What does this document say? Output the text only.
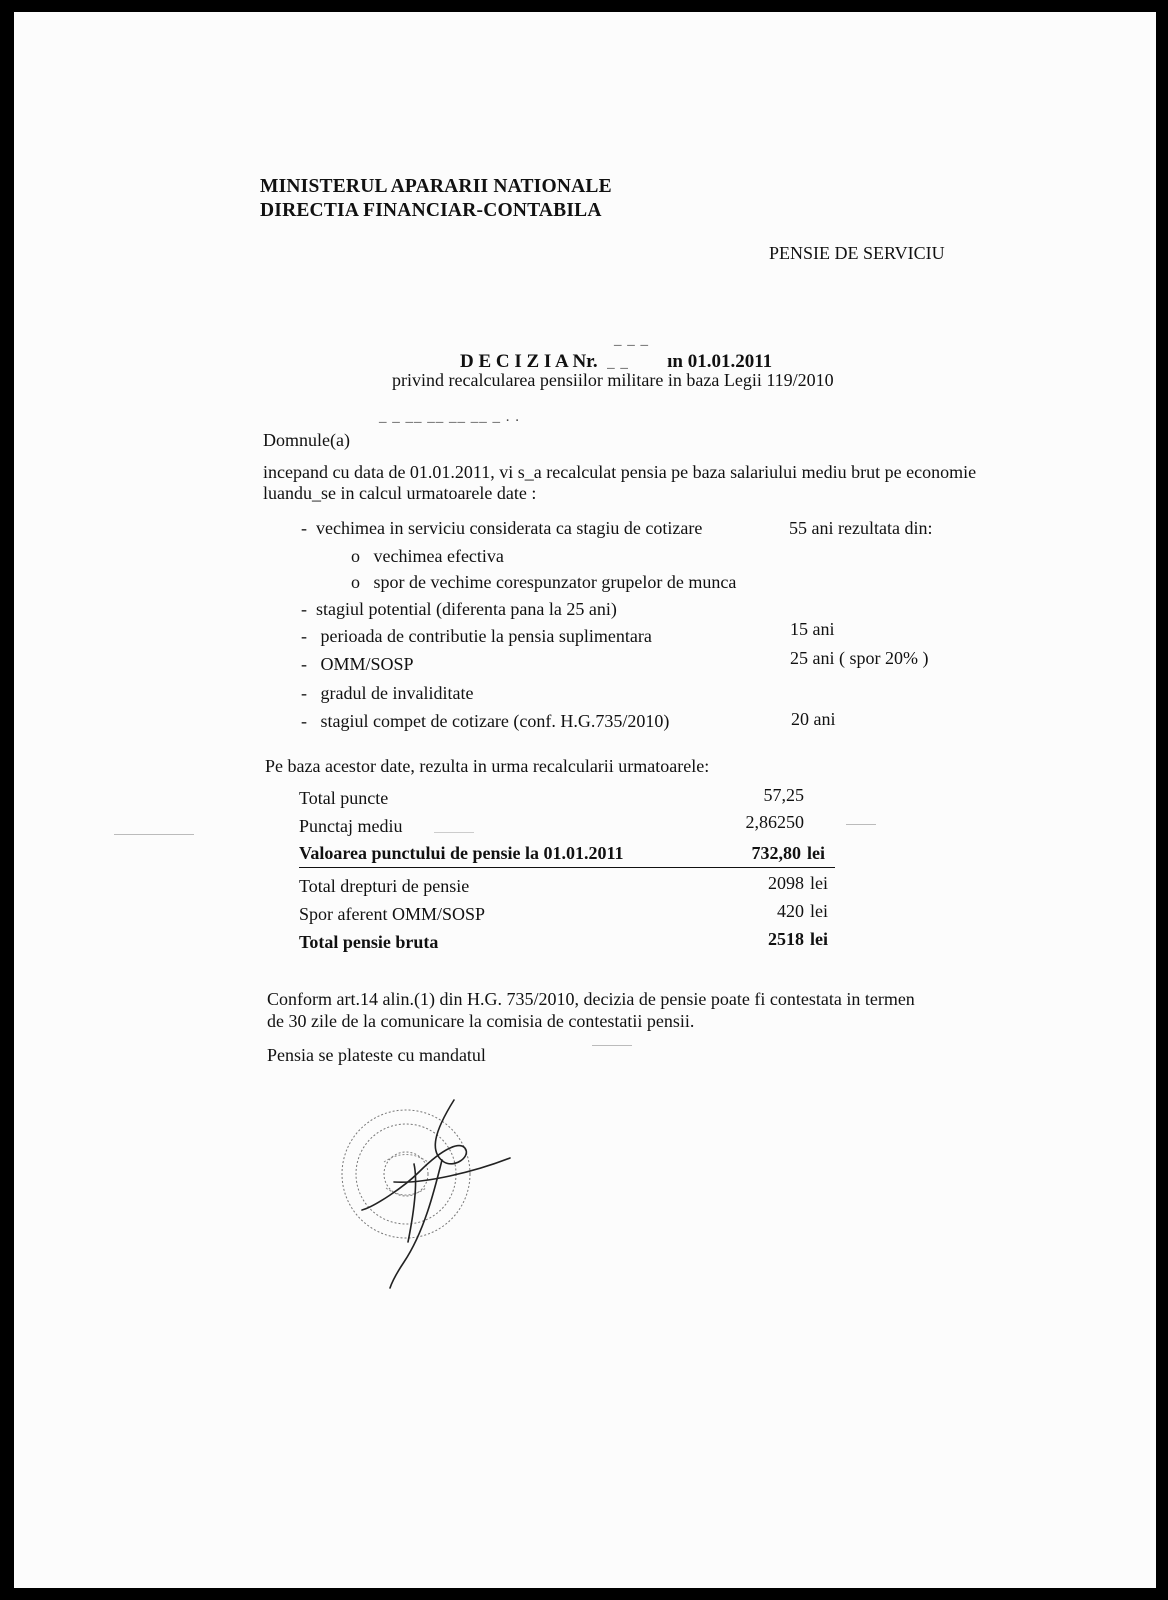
MINISTERUL APARARII NATIONALE
DIRECTIA FINANCIAR-CONTABILA
PENSIE DE SERVICIU
D E C I Z I A Nr.  _ _ ın 01.01.2011
privind recalcularea pensiilor militare in baza Legii 119/2010
_ _ _
_ _ __ __ __ __ _ . .
Domnule(a)
incepand cu data de 01.01.2011, vi s_a recalculat pensia pe baza salariului mediu brut pe economie
luandu_se in calcul urmatoarele date :
- vechimea in serviciu considerata ca stagiu de cotizare	55 ani rezultata din:
o vechimea efectiva
o spor de vechime corespunzator grupelor de munca
- stagiul potential (diferenta pana la 25 ani)
- perioada de contributie la pensia suplimentara	15 ani
- OMM/SOSP	25 ani ( spor 20% )
- gradul de invaliditate
- stagiul compet de cotizare (conf. H.G.735/2010)	20 ani
Pe baza acestor date, rezulta in urma recalcularii urmatoarele:
Total puncte	57,25
Punctaj mediu	2,86250
Valoarea punctului de pensie la 01.01.2011	732,80 lei
Total drepturi de pensie	2098 lei
Spor aferent OMM/SOSP	420 lei
Total pensie bruta	2518 lei
Conform art.14 alin.(1) din H.G. 735/2010, decizia de pensie poate fi contestata in termen
de 30 zile de la comunicare la comisia de contestatii pensii.
Pensia se plateste cu mandatul
